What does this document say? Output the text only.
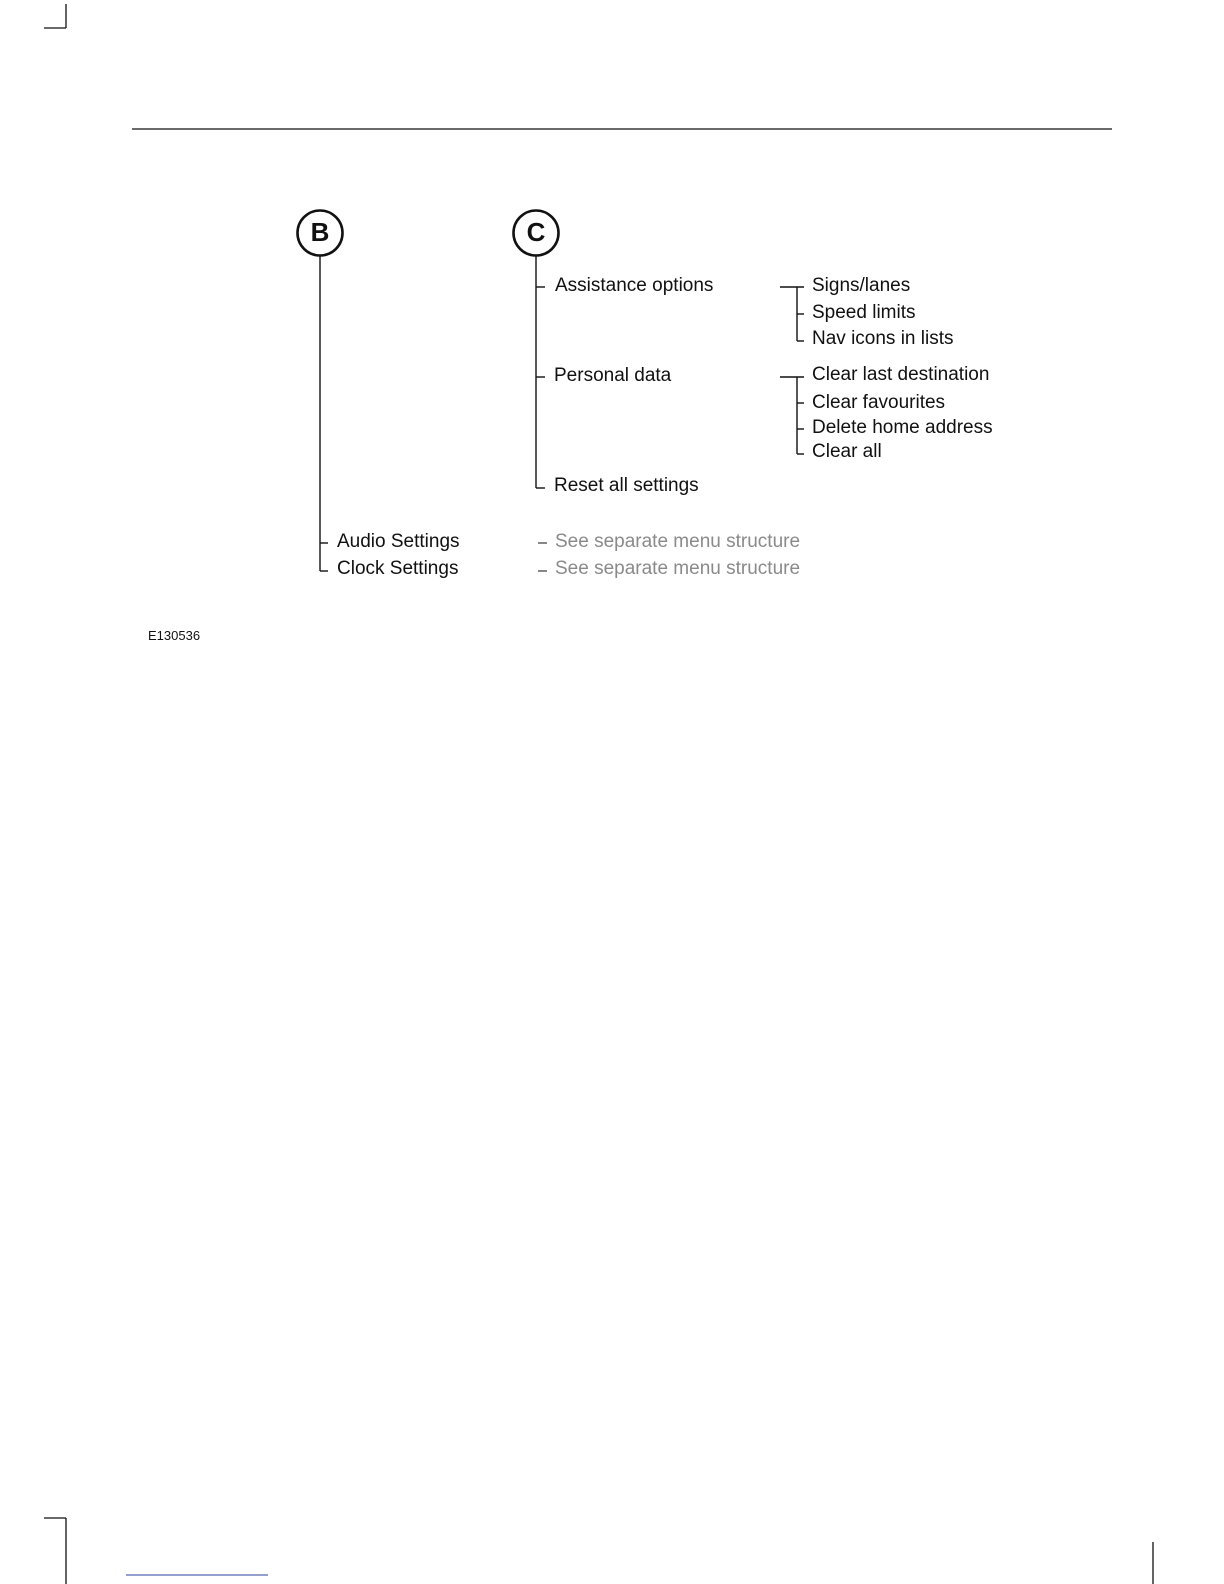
B	C
Assistance options	Signs/lanes
Speed limits
Nav icons in lists
Personal data	Clear last destination
Clear favourites
Delete home address
Clear all
Reset all settings
Audio Settings
Clock Settings
See separate menu structure
See separate menu structure
E130536
